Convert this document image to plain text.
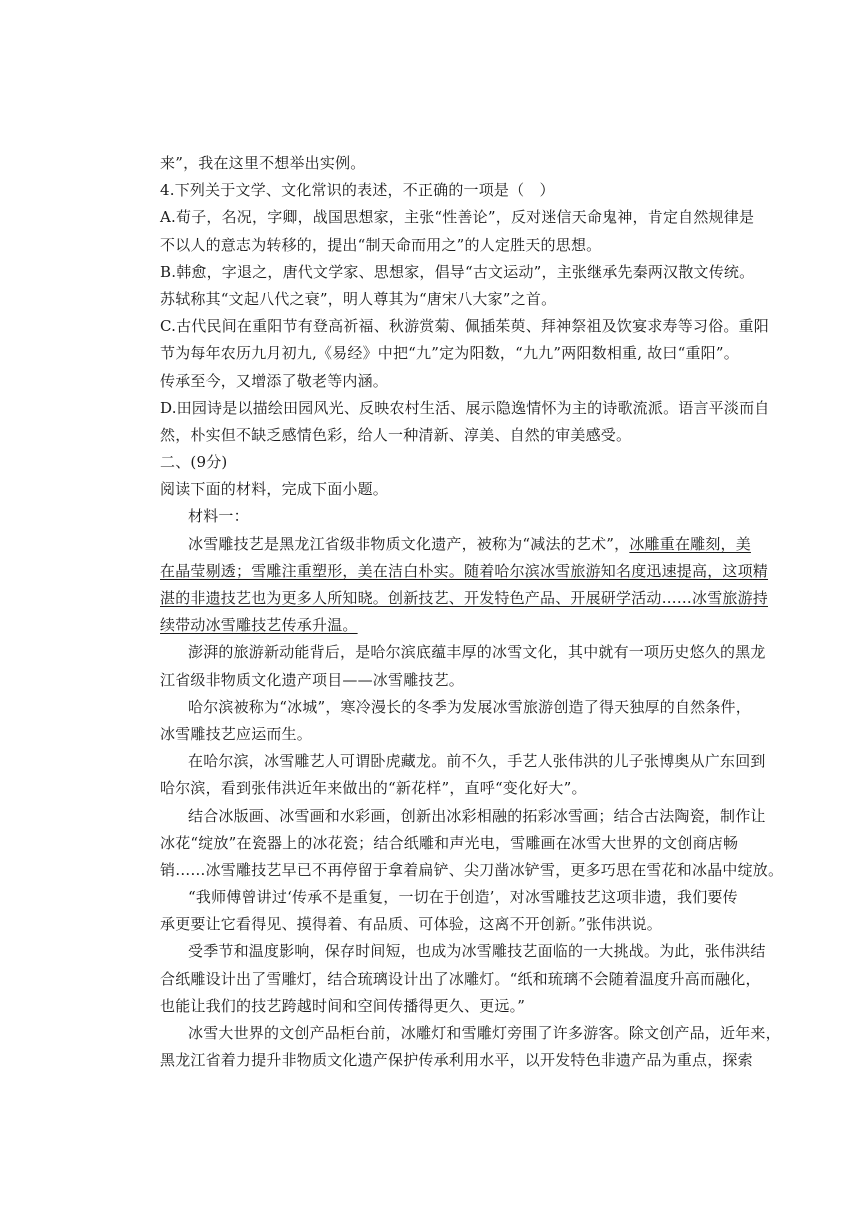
来”，我在这里不想举出实例。
4.下列关于文学、文化常识的表述，不正确的一项是（　）
A.荀子，名况，字卿，战国思想家，主张“性善论”，反对迷信天命鬼神，肯定自然规律是
不以人的意志为转移的，提出“制天命而用之”的人定胜天的思想。
B.韩愈，字退之，唐代文学家、思想家，倡导“古文运动”，主张继承先秦两汉散文传统。
苏轼称其“文起八代之衰”，明人尊其为“唐宋八大家”之首。
C.古代民间在重阳节有登高祈福、秋游赏菊、佩插茱萸、拜神祭祖及饮宴求寿等习俗。重阳
节为每年农历九月初九,《易经》中把“九”定为阳数，“九九”两阳数相重, 故曰“重阳”。
传承至今，又增添了敬老等内涵。
D.田园诗是以描绘田园风光、反映农村生活、展示隐逸情怀为主的诗歌流派。语言平淡而自
然，朴实但不缺乏感情色彩，给人一种清新、淳美、自然的审美感受。
二、(9分)
阅读下面的材料，完成下面小题。
材料一：
冰雪雕技艺是黑龙江省级非物质文化遗产，被称为“减法的艺术”，冰雕重在雕刻，美
在晶莹剔透；雪雕注重塑形，美在洁白朴实。随着哈尔滨冰雪旅游知名度迅速提高，这项精
湛的非遗技艺也为更多人所知晓。创新技艺、开发特色产品、开展研学活动……冰雪旅游持
续带动冰雪雕技艺传承升温。
澎湃的旅游新动能背后，是哈尔滨底蕴丰厚的冰雪文化，其中就有一项历史悠久的黑龙
江省级非物质文化遗产项目——冰雪雕技艺。
哈尔滨被称为“冰城”，寒冷漫长的冬季为发展冰雪旅游创造了得天独厚的自然条件，
冰雪雕技艺应运而生。
在哈尔滨，冰雪雕艺人可谓卧虎藏龙。前不久，手艺人张伟洪的儿子张博奥从广东回到
哈尔滨，看到张伟洪近年来做出的“新花样”，直呼“变化好大”。
结合冰版画、冰雪画和水彩画，创新出冰彩相融的拓彩冰雪画；结合古法陶瓷，制作让
冰花“绽放”在瓷器上的冰花瓷；结合纸雕和声光电，雪雕画在冰雪大世界的文创商店畅
销……冰雪雕技艺早已不再停留于拿着扁铲、尖刀凿冰铲雪，更多巧思在雪花和冰晶中绽放。
“我师傅曾讲过‘传承不是重复，一切在于创造’，对冰雪雕技艺这项非遗，我们要传
承更要让它看得见、摸得着、有品质、可体验，这离不开创新。”张伟洪说。
受季节和温度影响，保存时间短，也成为冰雪雕技艺面临的一大挑战。为此，张伟洪结
合纸雕设计出了雪雕灯，结合琉璃设计出了冰雕灯。“纸和琉璃不会随着温度升高而融化，
也能让我们的技艺跨越时间和空间传播得更久、更远。”
冰雪大世界的文创产品柜台前，冰雕灯和雪雕灯旁围了许多游客。除文创产品，近年来，
黑龙江省着力提升非物质文化遗产保护传承利用水平，以开发特色非遗产品为重点，探索
